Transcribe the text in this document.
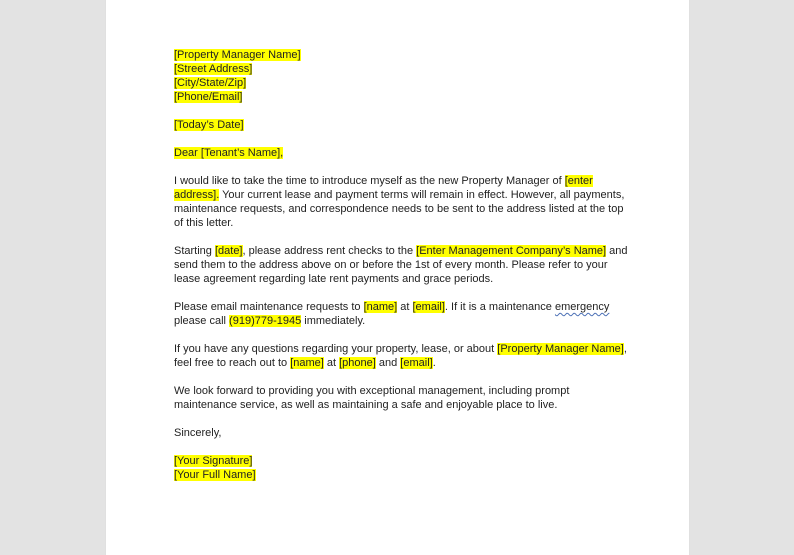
[Property Manager Name]
[Street Address]
[City/State/Zip]
[Phone/Email]

[Today’s Date]

Dear [Tenant’s Name],

I would like to take the time to introduce myself as the new Property Manager of [enter address]. Your current lease and payment terms will remain in effect. However, all payments, maintenance requests, and correspondence needs to be sent to the address listed at the top of this letter.

Starting [date], please address rent checks to the [Enter Management Company’s Name] and send them to the address above on or before the 1st of every month. Please refer to your lease agreement regarding late rent payments and grace periods.

Please email maintenance requests to [name] at [email]. If it is a maintenance emergency please call (919)779-1945 immediately.

If you have any questions regarding your property, lease, or about [Property Manager Name], feel free to reach out to [name] at [phone] and [email].

We look forward to providing you with exceptional management, including prompt maintenance service, as well as maintaining a safe and enjoyable place to live.

Sincerely,

[Your Signature]
[Your Full Name]
